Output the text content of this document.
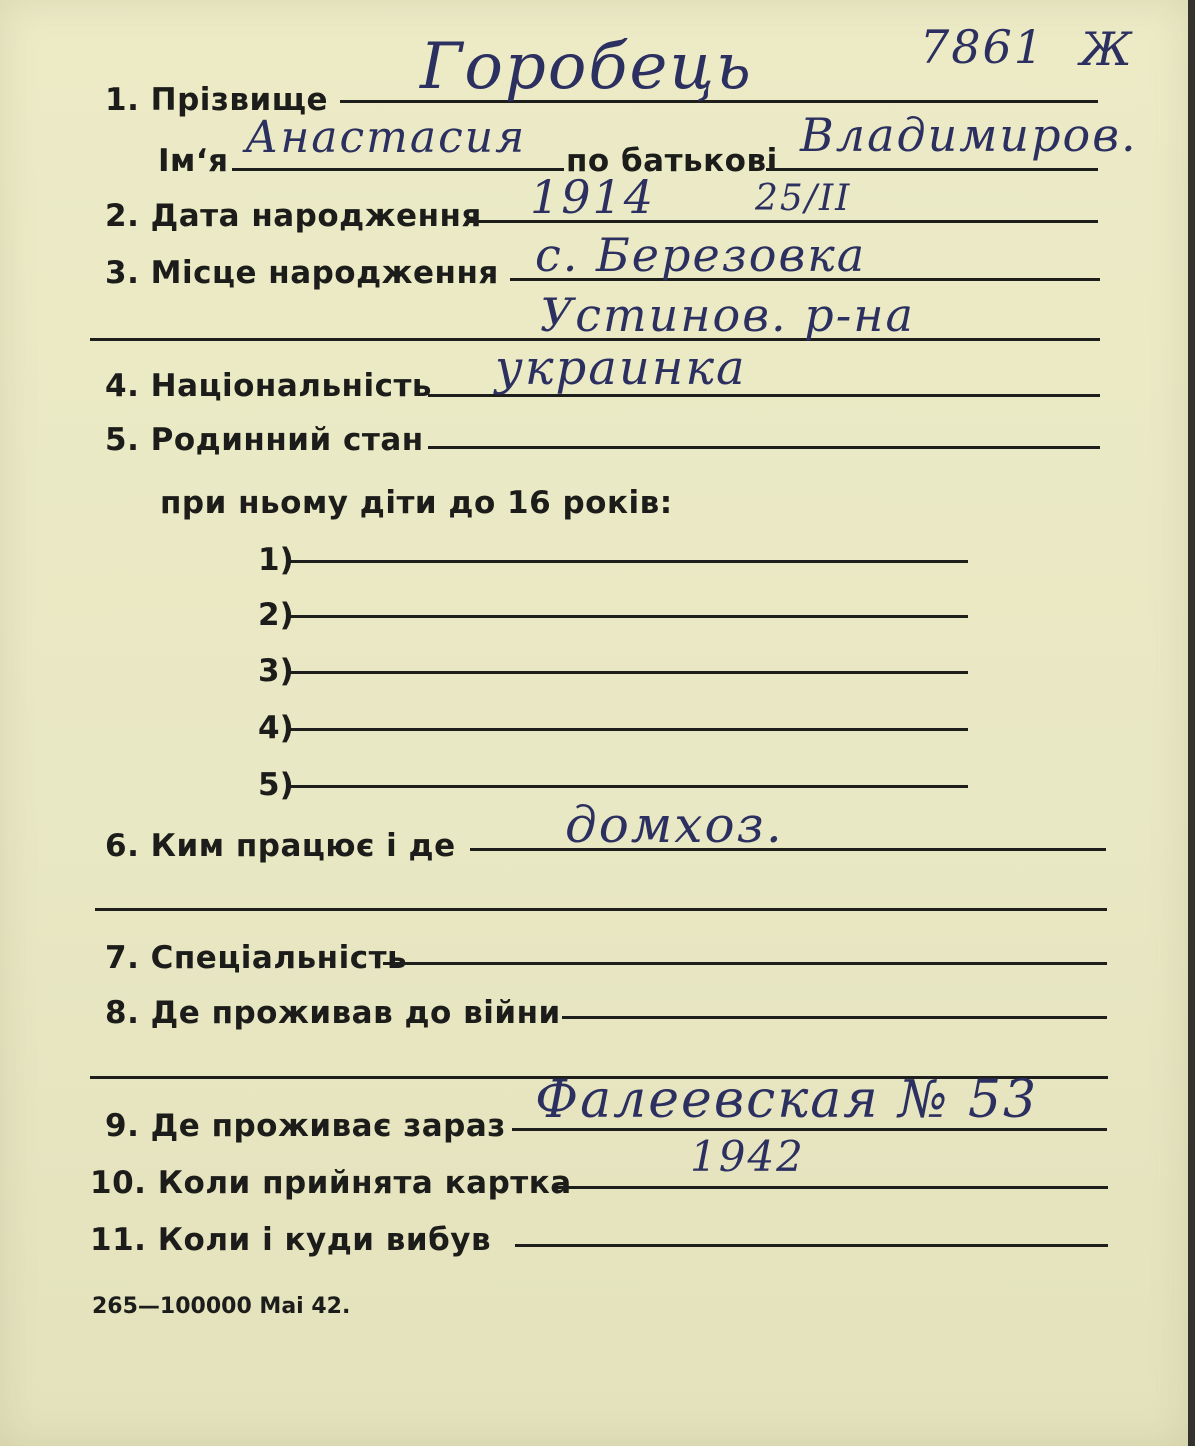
1. Прізвище Горобець	7861 Ж
Ім‘я Анастасия по батькові Владимиров.
2. Дата народження 1914	25/II
3. Місце народження с. Березовка
Устинов. р-на
4. Національність украинка
5. Родинний стан
при ньому діти до 16 років:
1)
2)
3)
4)
5)
6. Ким працює і де домхоз.
7. Спеціальність
8. Де проживав до війни
9. Де проживає зараз Фалеевская № 53
10. Коли прийнята картка
1942
11. Коли і куди вибув
265—100000 Mai 42.
